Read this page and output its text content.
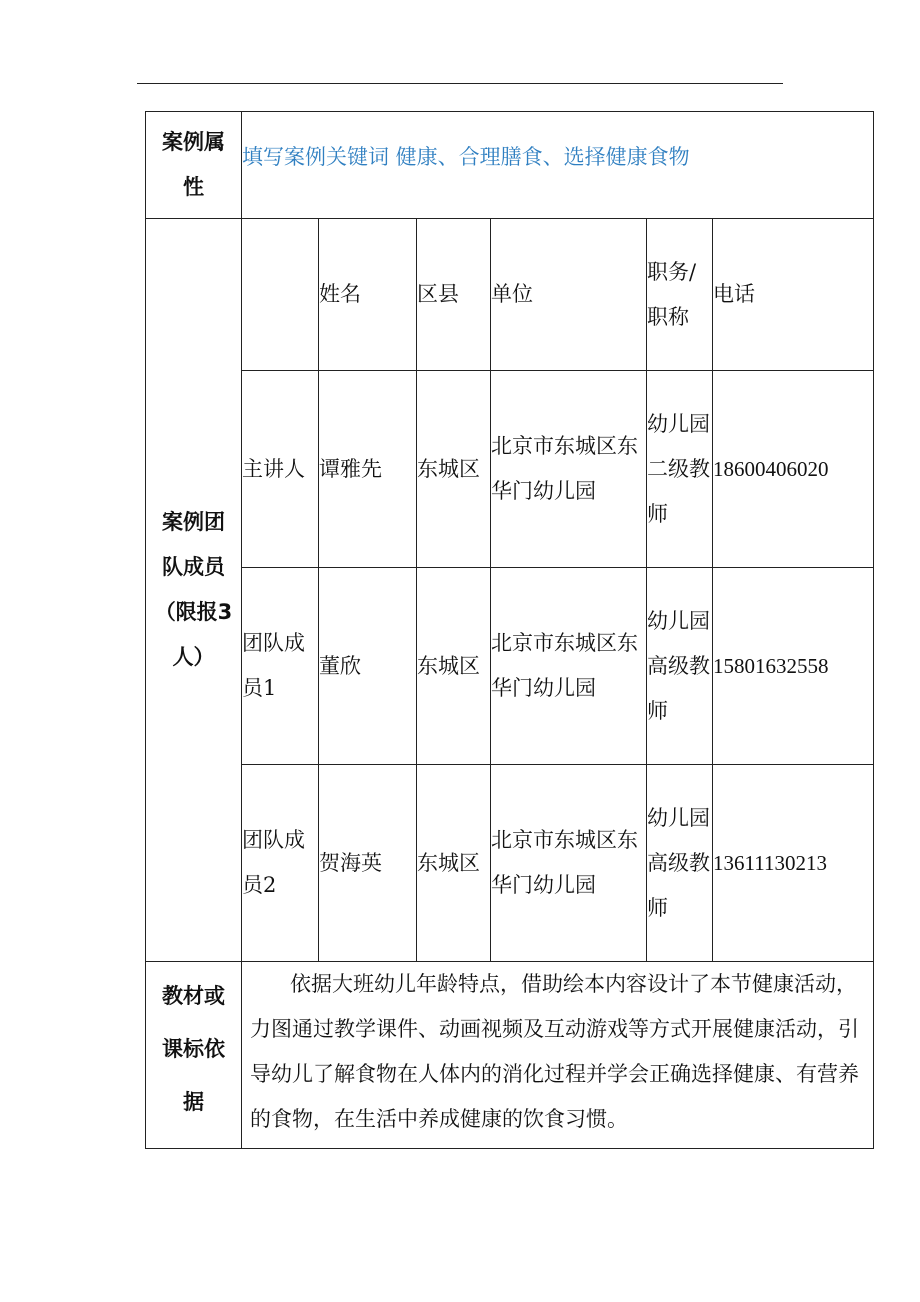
案例属性	填写案例关键词 健康、合理膳食、选择健康食物					
案例团队成员（限报3人）		姓名	区县	单位	职务/职称	电话
	主讲人	谭雅先	东城区	北京市东城区东华门幼儿园	幼儿园二级教师	18600406020
	团队成员1	董欣	东城区	北京市东城区东华门幼儿园	幼儿园高级教师	15801632558
	团队成员2	贺海英	东城区	北京市东城区东华门幼儿园	幼儿园高级教师	13611130213
教材或课标依据	依据大班幼儿年龄特点，借助绘本内容设计了本节健康活动，力图通过教学课件、动画视频及互动游戏等方式开展健康活动，引导幼儿了解食物在人体内的消化过程并学会正确选择健康、有营养的食物，在生活中养成健康的饮食习惯。					
